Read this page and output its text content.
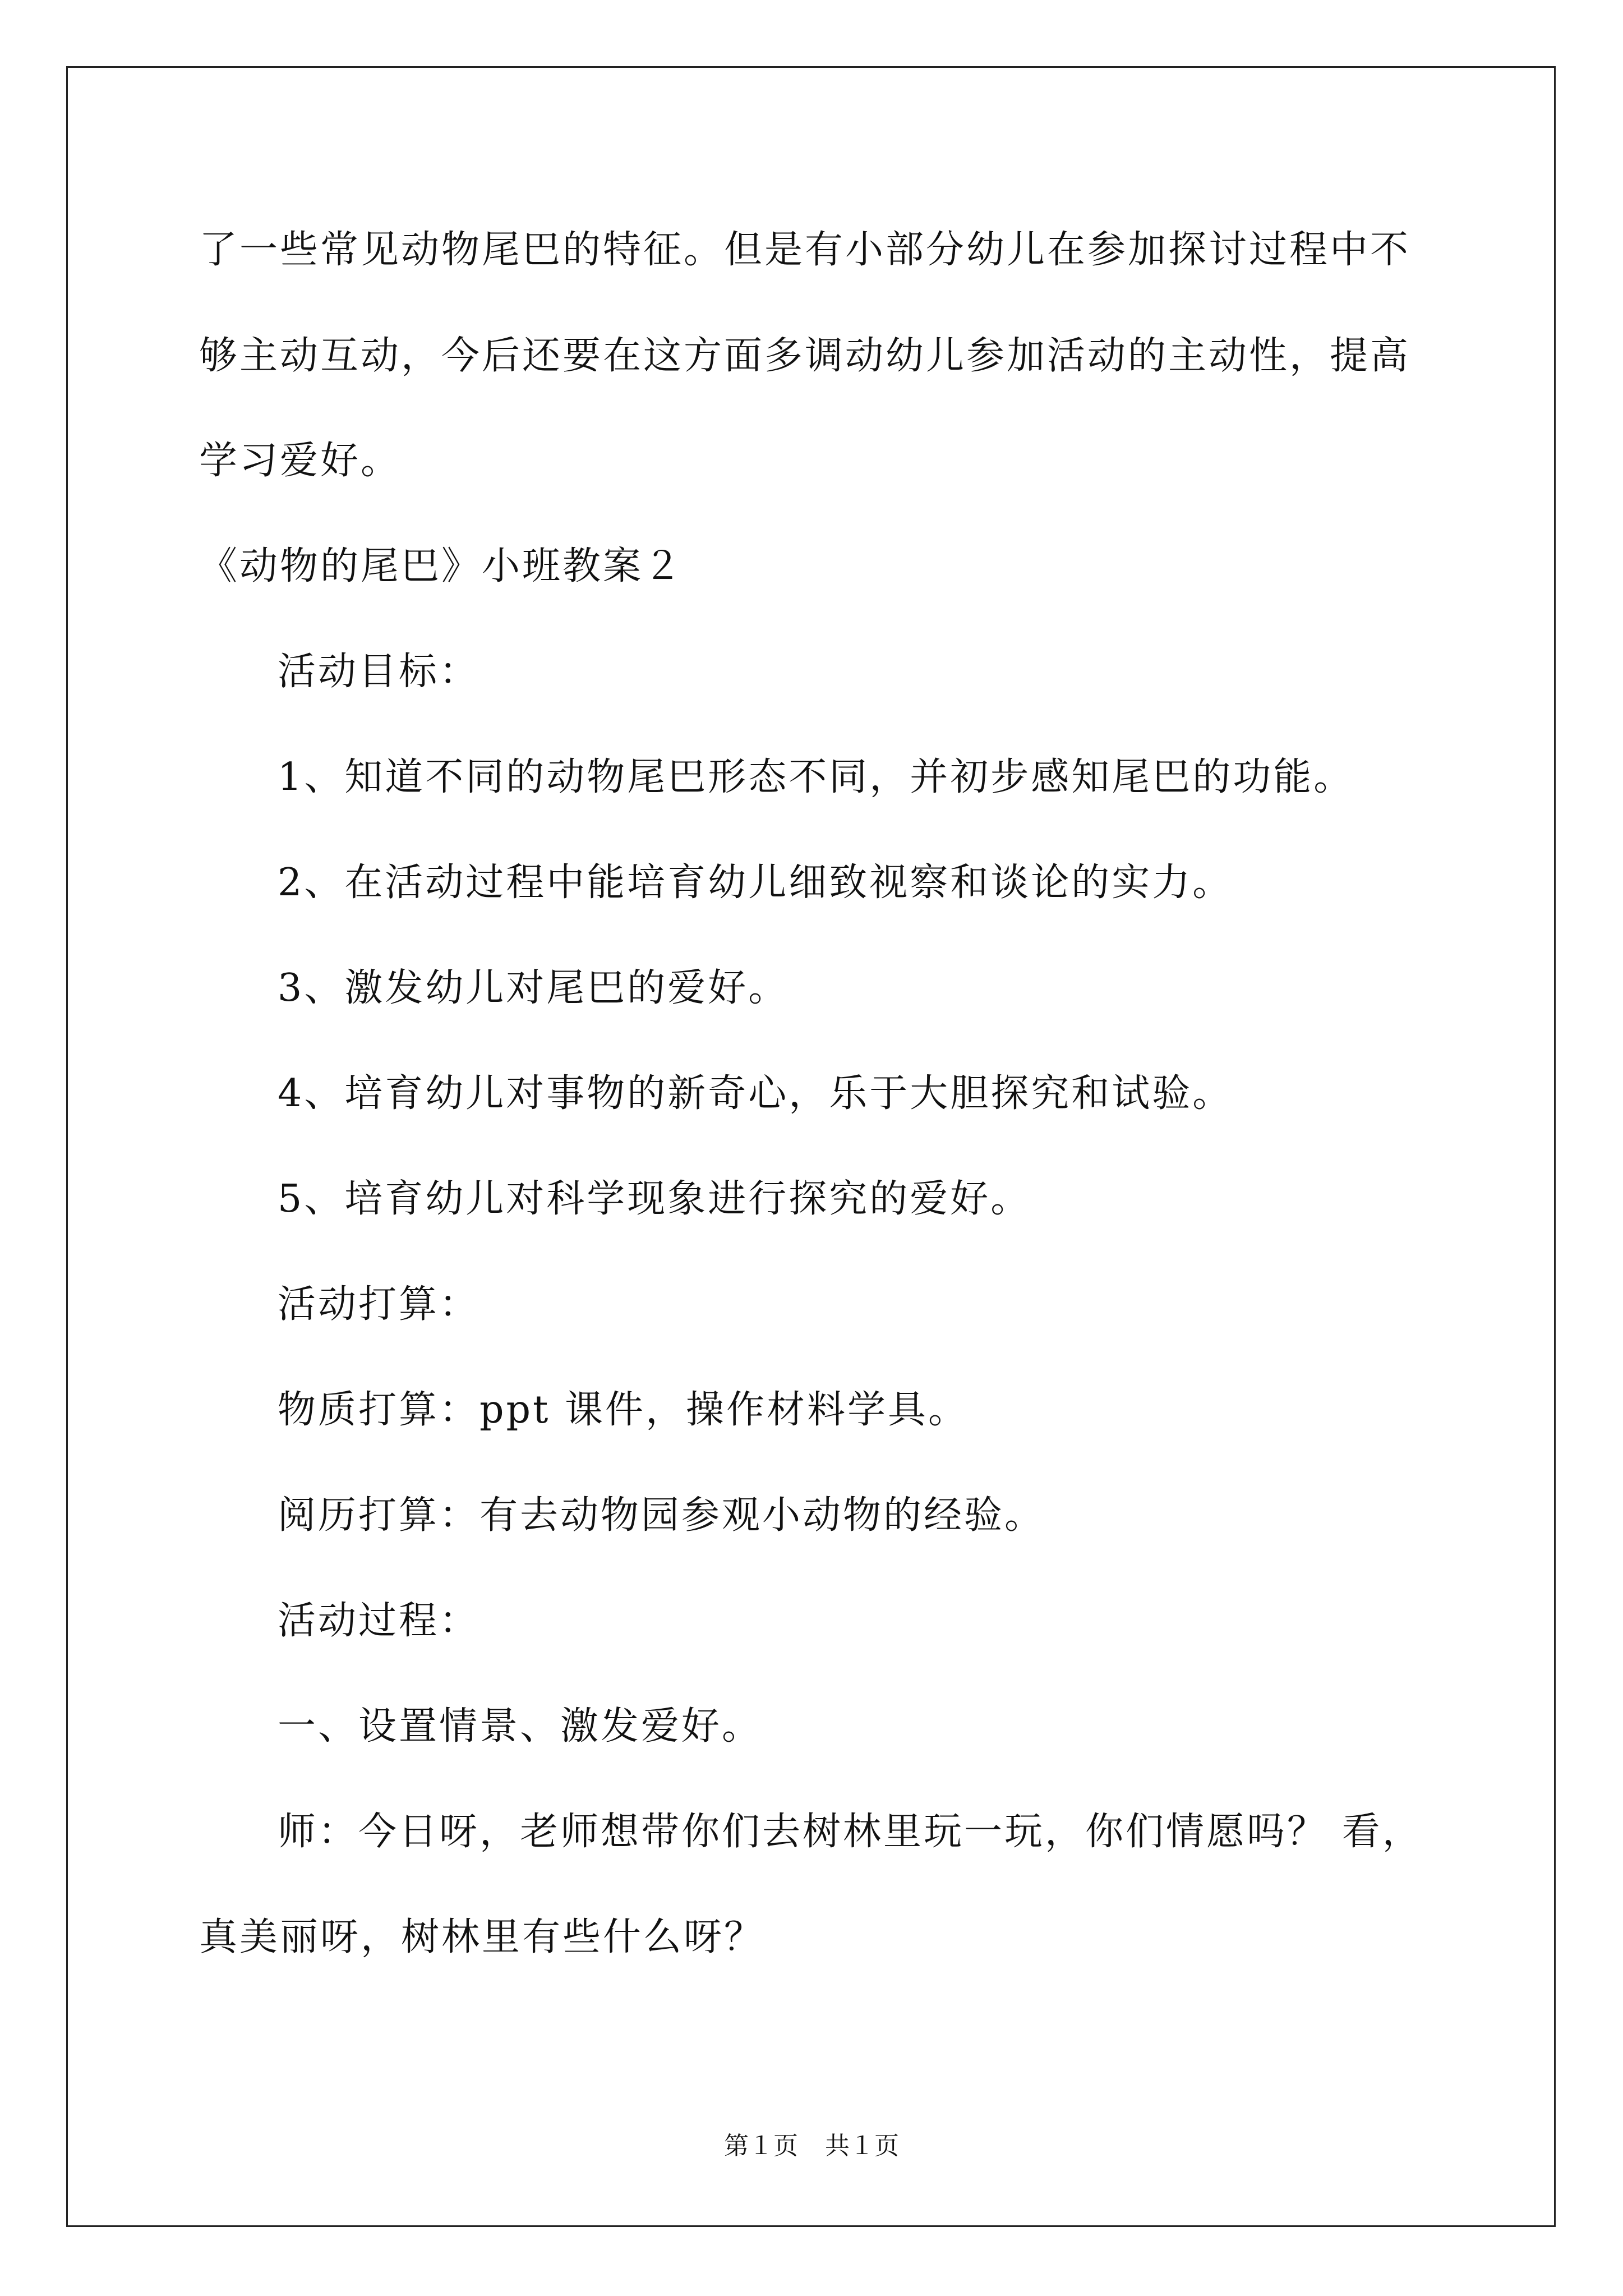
了一些常见动物尾巴的特征。但是有小部分幼儿在参加探讨过程中不
够主动互动，今后还要在这方面多调动幼儿参加活动的主动性，提高
学习爱好。
《动物的尾巴》小班教案２
活动目标：
1、知道不同的动物尾巴形态不同，并初步感知尾巴的功能。
2、在活动过程中能培育幼儿细致视察和谈论的实力。
3、激发幼儿对尾巴的爱好。
4、培育幼儿对事物的新奇心，乐于大胆探究和试验。
5、培育幼儿对科学现象进行探究的爱好。
活动打算：
物质打算：ppt 课件，操作材料学具。
阅历打算：有去动物园参观小动物的经验。
活动过程：
一、设置情景、激发爱好。
师：今日呀，老师想带你们去树林里玩一玩，你们情愿吗？ 看，
真美丽呀，树林里有些什么呀？
第１页 共１页
